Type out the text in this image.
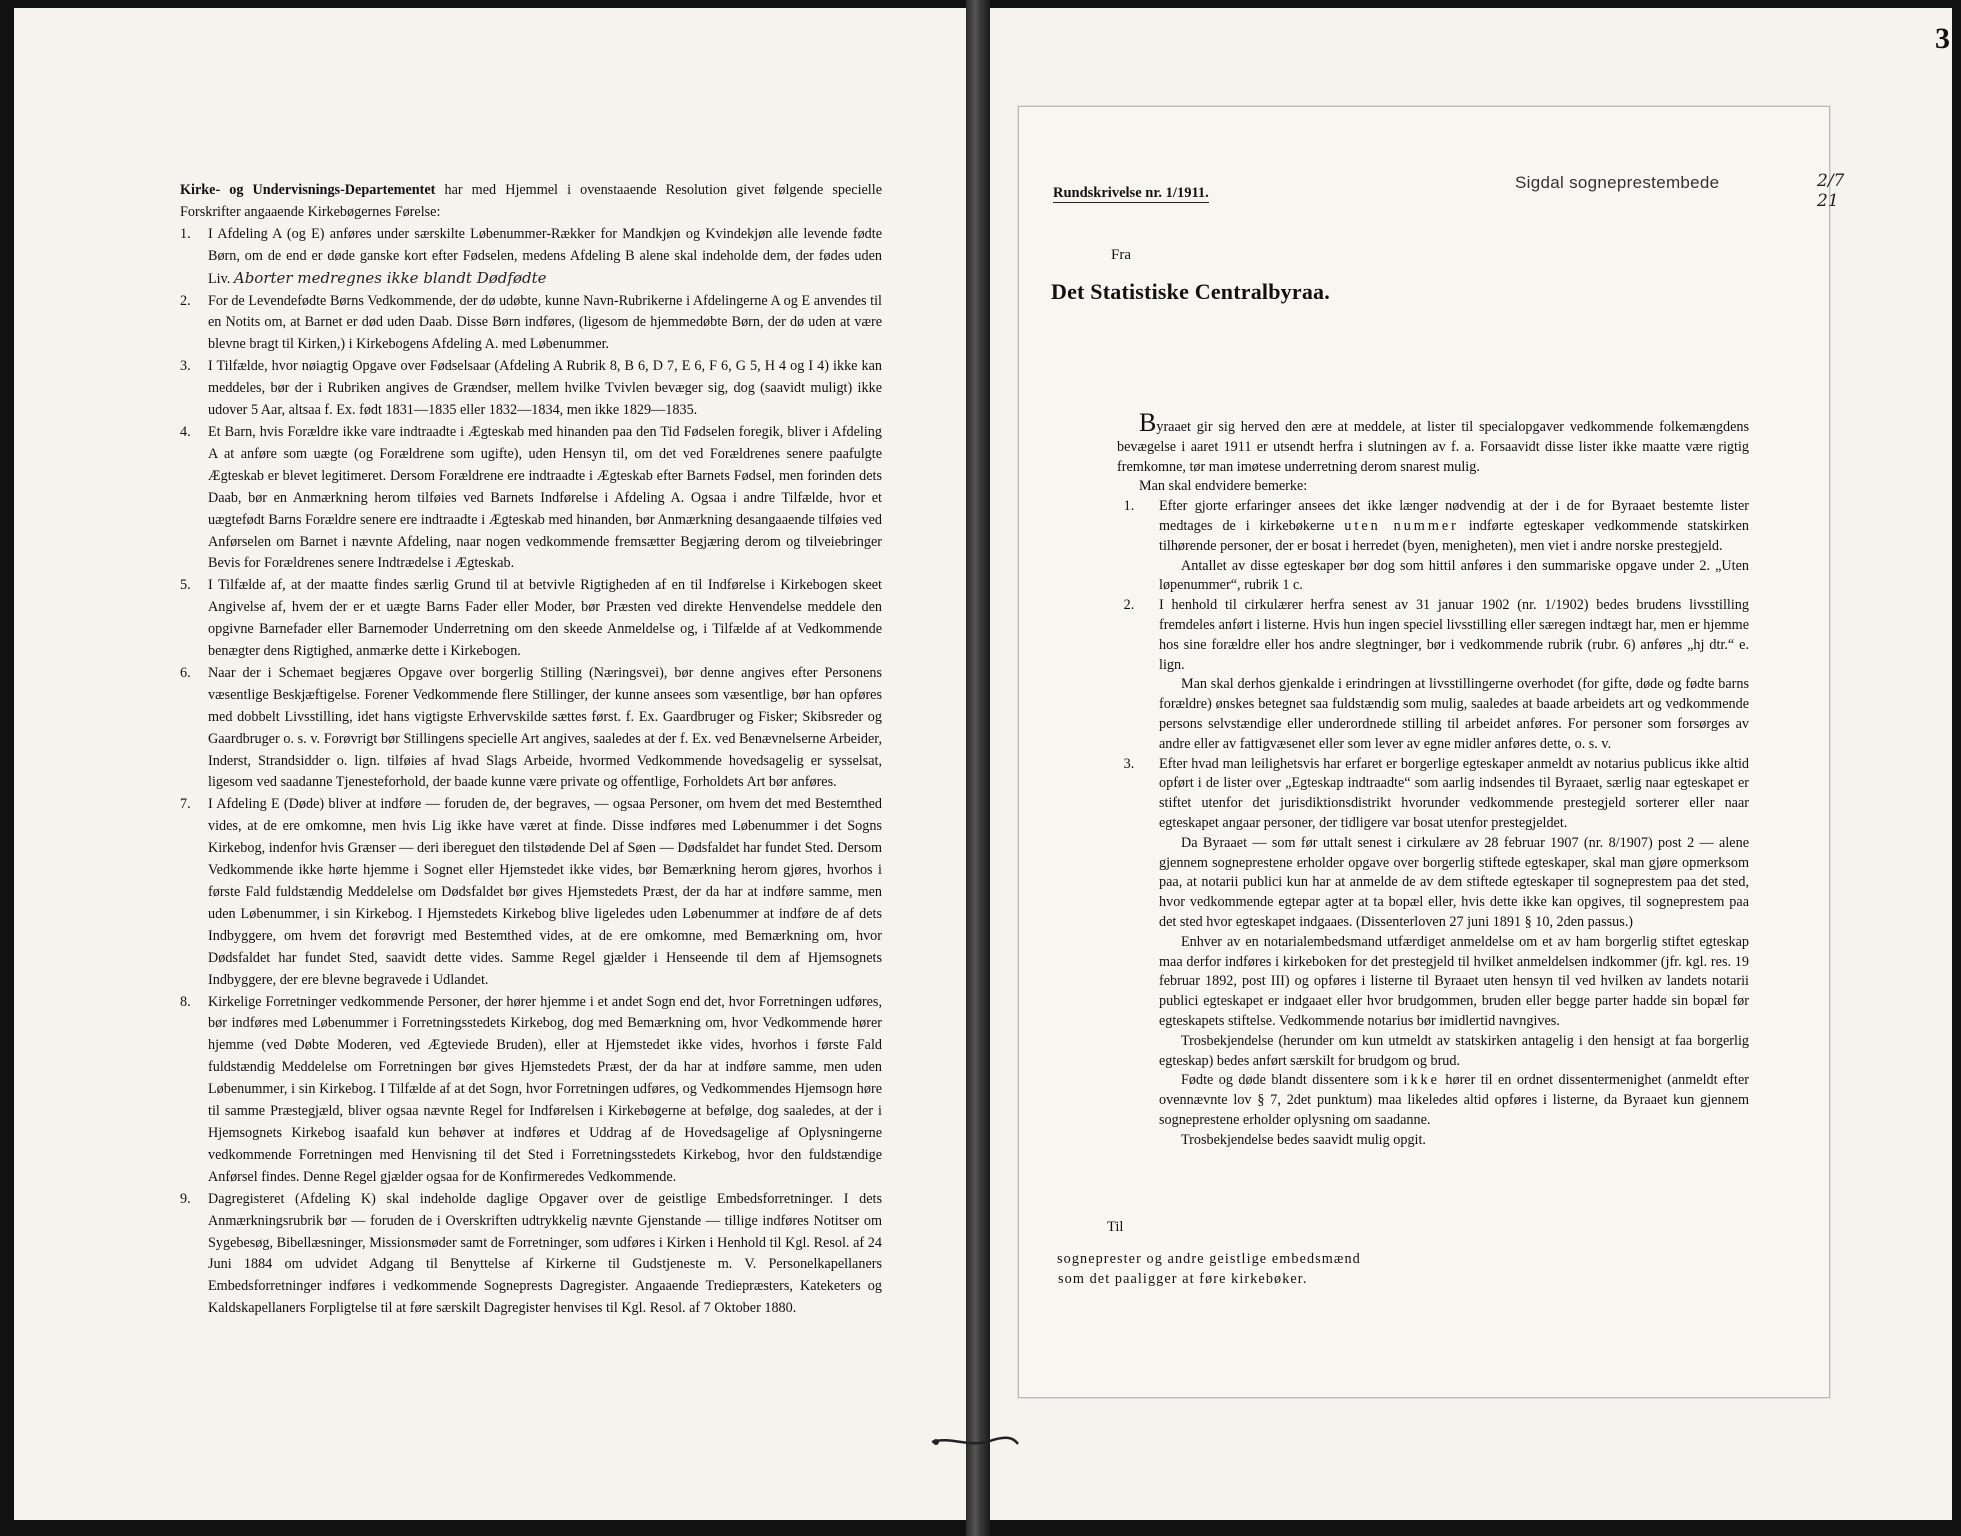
Kirke- og Undervisnings-Departementet har med Hjemmel i ovenstaaende Resolution givet følgende specielle Forskrifter angaaende Kirkebøgernes Førelse:

1.	I Afdeling A (og E) anføres under særskilte Løbenummer-Rækker for Mandkjøn og Kvindekjøn alle levende fødte Børn, om de end er døde ganske kort efter Fødselen, medens Afdeling B alene skal indeholde dem, der fødes uden Liv. Aborter medregnes ikke blandt Dødfødte
2.	For de Levendefødte Børns Vedkommende, der dø udøbte, kunne Navn-Rubrikerne i Afdelingerne A og E anvendes til en Notits om, at Barnet er død uden Daab. Disse Børn indføres, (ligesom de hjemmedøbte Børn, der dø uden at være blevne bragt til Kirken,) i Kirkebogens Afdeling A. med Løbenummer.
3.	I Tilfælde, hvor nøiagtig Opgave over Fødselsaar (Afdeling A Rubrik 8, B 6, D 7, E 6, F 6, G 5, H 4 og I 4) ikke kan meddeles, bør der i Rubriken angives de Grændser, mellem hvilke Tvivlen bevæger sig, dog (saavidt muligt) ikke udover 5 Aar, altsaa f. Ex. født 1831—1835 eller 1832—1834, men ikke 1829—1835.
4.	Et Barn, hvis Forældre ikke vare indtraadte i Ægteskab med hinanden paa den Tid Fødselen foregik, bliver i Afdeling A at anføre som uægte (og Forældrene som ugifte), uden Hensyn til, om det ved Forældrenes senere paafulgte Ægteskab er blevet legitimeret. Dersom Forældrene ere indtraadte i Ægteskab efter Barnets Fødsel, men forinden dets Daab, bør en Anmærkning herom tilføies ved Barnets Indførelse i Afdeling A. Ogsaa i andre Tilfælde, hvor et uægtefødt Barns Forældre senere ere indtraadte i Ægteskab med hinanden, bør Anmærkning desangaaende tilføies ved Anførselen om Barnet i nævnte Afdeling, naar nogen vedkommende fremsætter Begjæring derom og tilveiebringer Bevis for Forældrenes senere Indtrædelse i Ægteskab.
5.	I Tilfælde af, at der maatte findes særlig Grund til at betvivle Rigtigheden af en til Indførelse i Kirkebogen skeet Angivelse af, hvem der er et uægte Barns Fader eller Moder, bør Præsten ved direkte Henvendelse meddele den opgivne Barnefader eller Barnemoder Underretning om den skeede Anmeldelse og, i Tilfælde af at Vedkommende benægter dens Rigtighed, anmærke dette i Kirkebogen.
6.	Naar der i Schemaet begjæres Opgave over borgerlig Stilling (Næringsvei), bør denne angives efter Personens væsentlige Beskjæftigelse. Forener Vedkommende flere Stillinger, der kunne ansees som væsentlige, bør han opføres med dobbelt Livsstilling, idet hans vigtigste Erhvervskilde sættes først. f. Ex. Gaardbruger og Fisker; Skibsreder og Gaardbruger o. s. v. Forøvrigt bør Stillingens specielle Art angives, saaledes at der f. Ex. ved Benævnelserne Arbeider, Inderst, Strandsidder o. lign. tilføies af hvad Slags Arbeide, hvormed Vedkommende hovedsagelig er sysselsat, ligesom ved saadanne Tjenesteforhold, der baade kunne være private og offentlige, Forholdets Art bør anføres.
7.	I Afdeling E (Døde) bliver at indføre — foruden de, der begraves, — ogsaa Personer, om hvem det med Bestemthed vides, at de ere omkomne, men hvis Lig ikke have været at finde. Disse indføres med Løbenummer i det Sogns Kirkebog, indenfor hvis Grænser — deri ibereguet den tilstødende Del af Søen — Dødsfaldet har fundet Sted. Dersom Vedkommende ikke hørte hjemme i Sognet eller Hjemstedet ikke vides, bør Bemærkning herom gjøres, hvorhos i første Fald fuldstændig Meddelelse om Dødsfaldet bør gives Hjemstedets Præst, der da har at indføre samme, men uden Løbenummer, i sin Kirkebog. I Hjemstedets Kirkebog blive ligeledes uden Løbenummer at indføre de af dets Indbyggere, om hvem det forøvrigt med Bestemthed vides, at de ere omkomne, med Bemærkning om, hvor Dødsfaldet har fundet Sted, saavidt dette vides. Samme Regel gjælder i Henseende til dem af Hjemsognets Indbyggere, der ere blevne begravede i Udlandet.
8.	Kirkelige Forretninger vedkommende Personer, der hører hjemme i et andet Sogn end det, hvor Forretningen udføres, bør indføres med Løbenummer i Forretningsstedets Kirkebog, dog med Bemærkning om, hvor Vedkommende hører hjemme (ved Døbte Moderen, ved Ægteviede Bruden), eller at Hjemstedet ikke vides, hvorhos i første Fald fuldstændig Meddelelse om Forretningen bør gives Hjemstedets Præst, der da har at indføre samme, men uden Løbenummer, i sin Kirkebog. I Tilfælde af at det Sogn, hvor Forretningen udføres, og Vedkommendes Hjemsogn høre til samme Præstegjæld, bliver ogsaa nævnte Regel for Indførelsen i Kirkebøgerne at befølge, dog saaledes, at der i Hjemsognets Kirkebog isaafald kun behøver at indføres et Uddrag af de Hovedsagelige af Oplysningerne vedkommende Forretningen med Henvisning til det Sted i Forretningsstedets Kirkebog, hvor den fuldstændige Anførsel findes. Denne Regel gjælder ogsaa for de Konfirmeredes Vedkommende.
9.	Dagregisteret (Afdeling K) skal indeholde daglige Opgaver over de geistlige Embedsforretninger. I dets Anmærkningsrubrik bør — foruden de i Overskriften udtrykkelig nævnte Gjenstande — tillige indføres Notitser om Sygebesøg, Bibellæsninger, Missionsmøder samt de Forretninger, som udføres i Kirken i Henhold til Kgl. Resol. af 24 Juni 1884 om udvidet Adgang til Benyttelse af Kirkerne til Gudstjeneste m. V. Personelkapellaners Embedsforretninger indføres i vedkommende Sogneprests Dagregister. Angaaende Trediepræsters, Kateketers og Kaldskapellaners Forpligtelse til at føre særskilt Dagregister henvises til Kgl. Resol. af 7 Oktober 1880.
3
Sigdal sogneprestembede	2/7 21
Rundskrivelse nr. 1/1911.
Fra
Det Statistiske Centralbyraa.

Byraaet gir sig herved den ære at meddele, at lister til specialopgaver vedkommende folkemængdens bevægelse i aaret 1911 er utsendt herfra i slutningen av f. a. Forsaavidt disse lister ikke maatte være rigtig fremkomne, tør man imøtese underretning derom snarest mulig.

Man skal endvidere bemerke:

1.	Efter gjorte erfaringer ansees det ikke længer nødvendig at der i de for Byraaet bestemte lister medtages de i kirkebøkerne uten nummer indførte egteskaper vedkommende statskirken tilhørende personer, der er bosat i herredet (byen, menigheten), men viet i andre norske prestegjeld.

Antallet av disse egteskaper bør dog som hittil anføres i den summariske opgave under 2. „Uten løpenummer“, rubrik 1 c.

2.	I henhold til cirkulærer herfra senest av 31 januar 1902 (nr. 1/1902) bedes brudens livsstilling fremdeles anført i listerne. Hvis hun ingen speciel livsstilling eller særegen indtægt har, men er hjemme hos sine forældre eller hos andre slegtninger, bør i vedkommende rubrik (rubr. 6) anføres „hj dtr.“ e. lign.

Man skal derhos gjenkalde i erindringen at livsstillingerne overhodet (for gifte, døde og fødte barns forældre) ønskes betegnet saa fuldstændig som mulig, saaledes at baade arbeidets art og vedkommende persons selvstændige eller underordnede stilling til arbeidet anføres. For personer som forsørges av andre eller av fattigvæsenet eller som lever av egne midler anføres dette, o. s. v.

3.	Efter hvad man leilighetsvis har erfaret er borgerlige egteskaper anmeldt av notarius publicus ikke altid opført i de lister over „Egteskap indtraadte“ som aarlig indsendes til Byraaet, særlig naar egteskapet er stiftet utenfor det jurisdiktionsdistrikt hvorunder vedkommende prestegjeld sorterer eller naar egteskapet angaar personer, der tidligere var bosat utenfor prestegjeldet.

Da Byraaet — som før uttalt senest i cirkulære av 28 februar 1907 (nr. 8/1907) post 2 — alene gjennem sogneprestene erholder opgave over borgerlig stiftede egteskaper, skal man gjøre opmerksom paa, at notarii publici kun har at anmelde de av dem stiftede egteskaper til sogneprestem paa det sted, hvor vedkommende egtepar agter at ta bopæl eller, hvis dette ikke kan opgives, til sogneprestem paa det sted hvor egteskapet indgaaes. (Dissenterloven 27 juni 1891 § 10, 2den passus.)

Enhver av en notarialembedsmand utfærdiget anmeldelse om et av ham borgerlig stiftet egteskap maa derfor indføres i kirkeboken for det prestegjeld til hvilket anmeldelsen indkommer (jfr. kgl. res. 19 februar 1892, post III) og opføres i listerne til Byraaet uten hensyn til ved hvilken av landets notarii publici egteskapet er indgaaet eller hvor brudgommen, bruden eller begge parter hadde sin bopæl før egteskapets stiftelse. Vedkommende notarius bør imidlertid navngives.

Trosbekjendelse (herunder om kun utmeldt av statskirken antagelig i den hensigt at faa borgerlig egteskap) bedes anført særskilt for brudgom og brud.

Fødte og døde blandt dissentere som ikke hører til en ordnet dissentermenighet (anmeldt efter ovennævnte lov § 7, 2det punktum) maa likeledes altid opføres i listerne, da Byraaet kun gjennem sogneprestene erholder oplysning om saadanne.

Trosbekjendelse bedes saavidt mulig opgit.

Til
sogneprester og andre geistlige embedsmænd
som det paaligger at føre kirkebøker.
